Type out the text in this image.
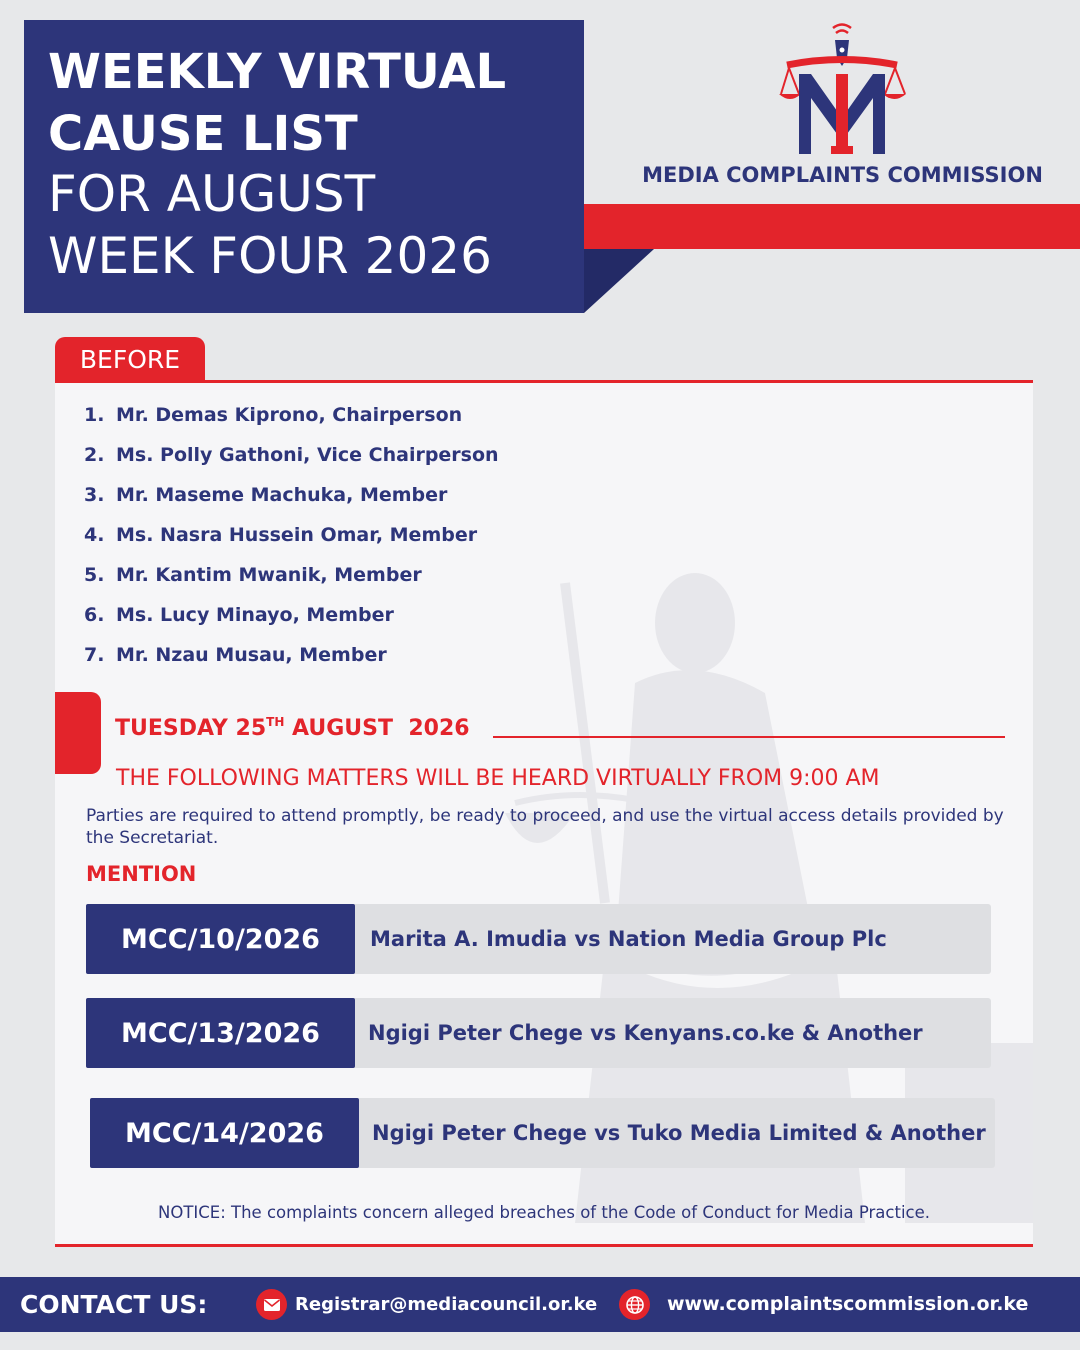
WEEKLY VIRTUAL
CAUSE LIST
FOR AUGUST
WEEK FOUR 2026
MEDIA COMPLAINTS COMMISSION
BEFORE
1. Mr. Demas Kiprono, Chairperson
2. Ms. Polly Gathoni, Vice Chairperson
3. Mr. Maseme Machuka, Member
4. Ms. Nasra Hussein Omar, Member
5. Mr. Kantim Mwanik, Member
6. Ms. Lucy Minayo, Member
7. Mr. Nzau Musau, Member
TUESDAY 25TH AUGUST  2026
THE FOLLOWING MATTERS WILL BE HEARD VIRTUALLY FROM 9:00 AM
Parties are required to attend promptly, be ready to proceed, and use the virtual access details provided by the Secretariat.
MENTION
MCC/10/2026	Marita A. Imudia vs Nation Media Group Plc
MCC/13/2026	Ngigi Peter Chege vs Kenyans.co.ke & Another
MCC/14/2026	Ngigi Peter Chege vs Tuko Media Limited & Another
NOTICE: The complaints concern alleged breaches of the Code of Conduct for Media Practice.
CONTACT US:	Registrar@mediacouncil.or.ke	www.complaintscommission.or.ke
